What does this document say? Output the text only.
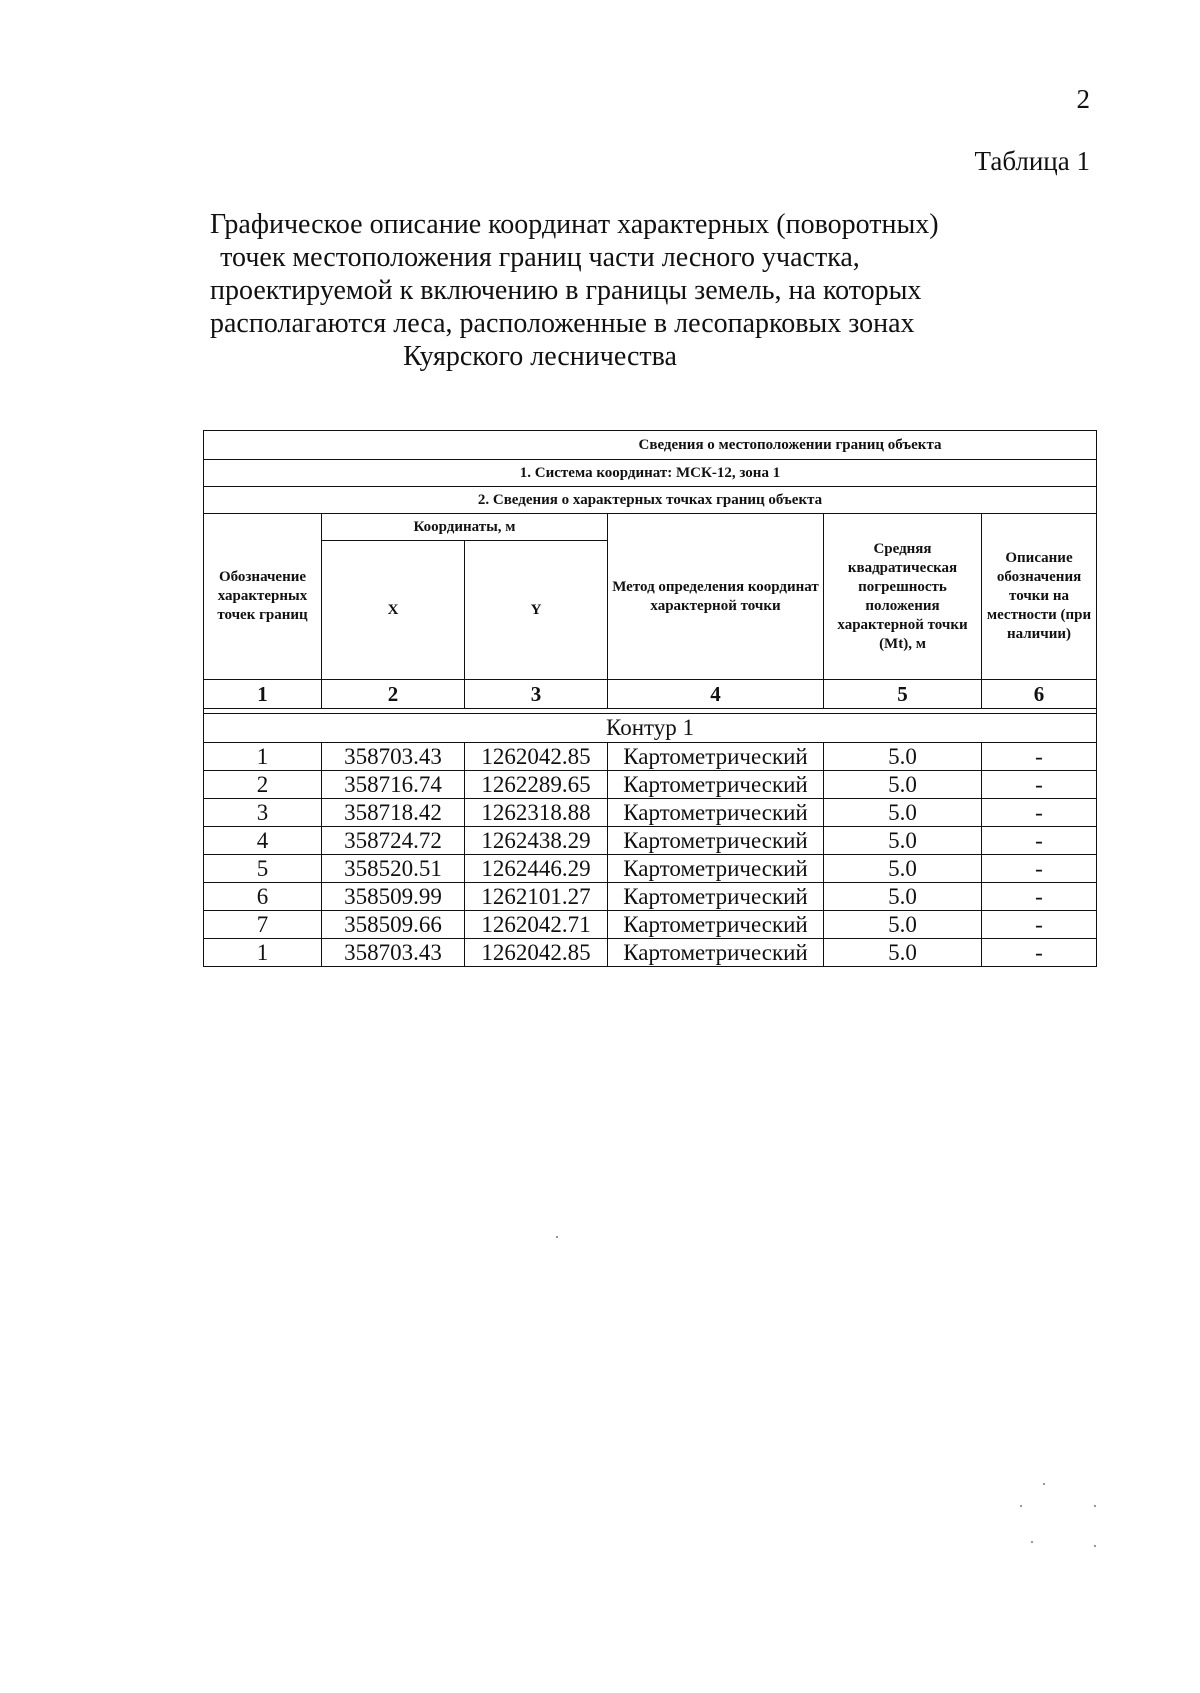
2
Таблица 1
Графическое описание координат характерных (поворотных)
точек местоположения границ части лесного участка,
проектируемой к включению в границы земель, на которых
располагаются леса, расположенные в лесопарковых зонах
Куярского лесничества
Сведения о местоположении границ объекта					
1. Система координат: МСК-12, зона 1					
2. Сведения о характерных точках границ объекта					
Обозначение характерных точек границ	Координаты, м		Метод определения координат характерной точки	Средняя квадратическая погрешность положения характерной точки (Mt), м	Описание обозначения точки на местности (при наличии)
	X	Y			
1	2	3	4	5	6

Контур 1					
1	358703.43	1262042.85	Картометрический	5.0	-
2	358716.74	1262289.65	Картометрический	5.0	-
3	358718.42	1262318.88	Картометрический	5.0	-
4	358724.72	1262438.29	Картометрический	5.0	-
5	358520.51	1262446.29	Картометрический	5.0	-
6	358509.99	1262101.27	Картометрический	5.0	-
7	358509.66	1262042.71	Картометрический	5.0	-
1	358703.43	1262042.85	Картометрический	5.0	-
